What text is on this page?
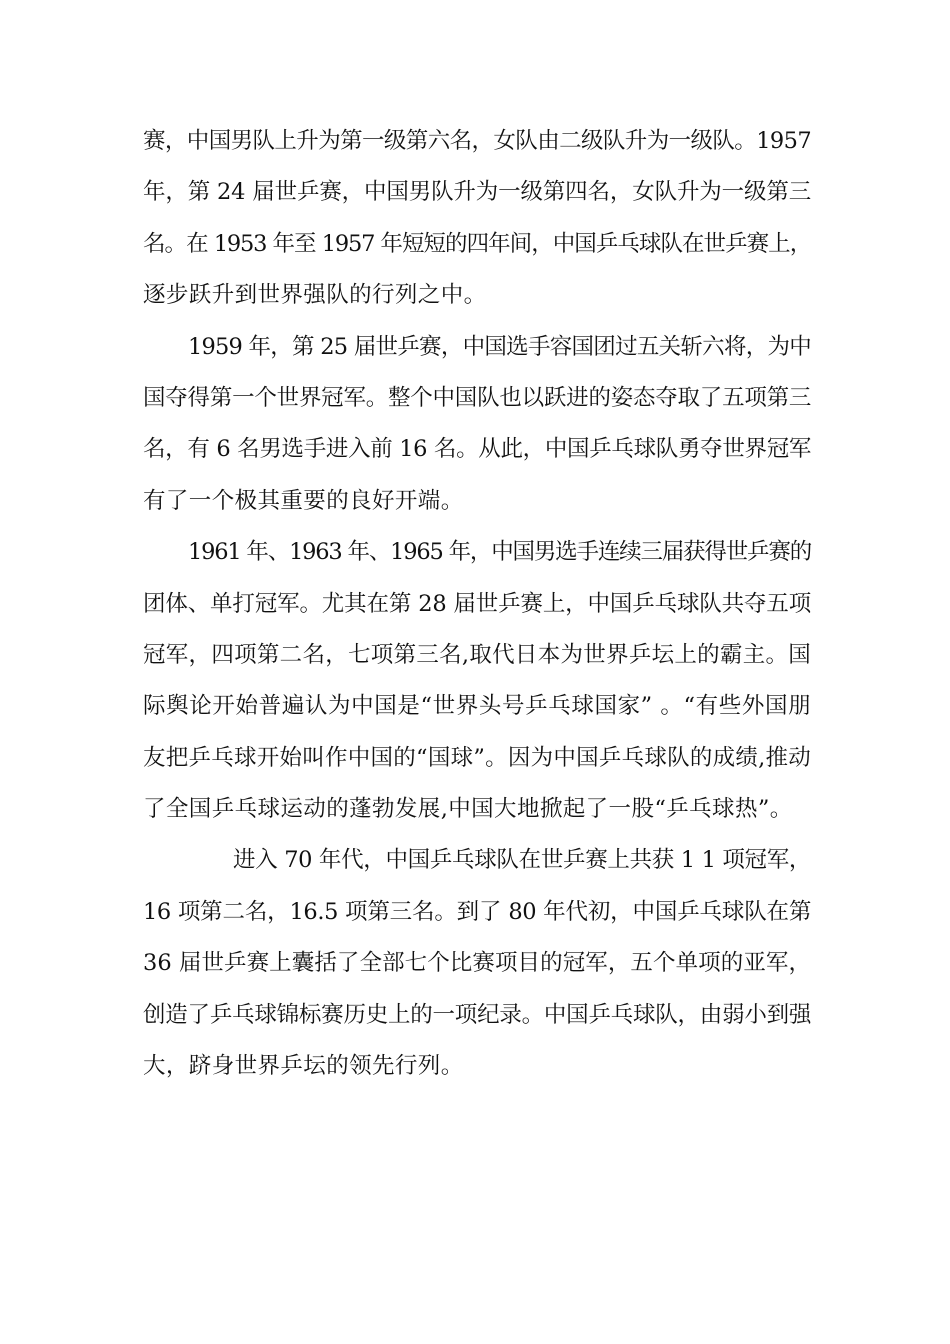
赛，中国男队上升为第一级第六名，女队由二级队升为一级队。1957
年，第 24 届世乒赛，中国男队升为一级第四名，女队升为一级第三
名。在 1953 年至 1957 年短短的四年间，中国乒乓球队在世乒赛上，
逐步跃升到世界强队的行列之中。
1959 年，第 25 届世乒赛，中国选手容国团过五关斩六将，为中
国夺得第一个世界冠军。整个中国队也以跃进的姿态夺取了五项第三
名，有 6 名男选手进入前 16 名。从此，中国乒乓球队勇夺世界冠军
有了一个极其重要的良好开端。
1961 年、1963 年、1965 年，中国男选手连续三届获得世乒赛的
团体、单打冠军。尤其在第 28 届世乒赛上，中国乒乓球队共夺五项
冠军，四项第二名，七项第三名,取代日本为世界乒坛上的霸主。国
际舆论开始普遍认为中国是“世界头号乒乓球国家” 。“有些外国朋
友把乒乓球开始叫作中国的“国球”。因为中国乒乓球队的成绩,推动
了全国乒乓球运动的蓬勃发展,中国大地掀起了一股“乒乓球热”。
进入 70 年代，中国乒乓球队在世乒赛上共获 1 1 项冠军，
16 项第二名，16.5 项第三名。到了 80 年代初，中国乒乓球队在第
36 届世乒赛上囊括了全部七个比赛项目的冠军，五个单项的亚军，
创造了乒乓球锦标赛历史上的一项纪录。中国乒乓球队，由弱小到强
大，跻身世界乒坛的领先行列。
